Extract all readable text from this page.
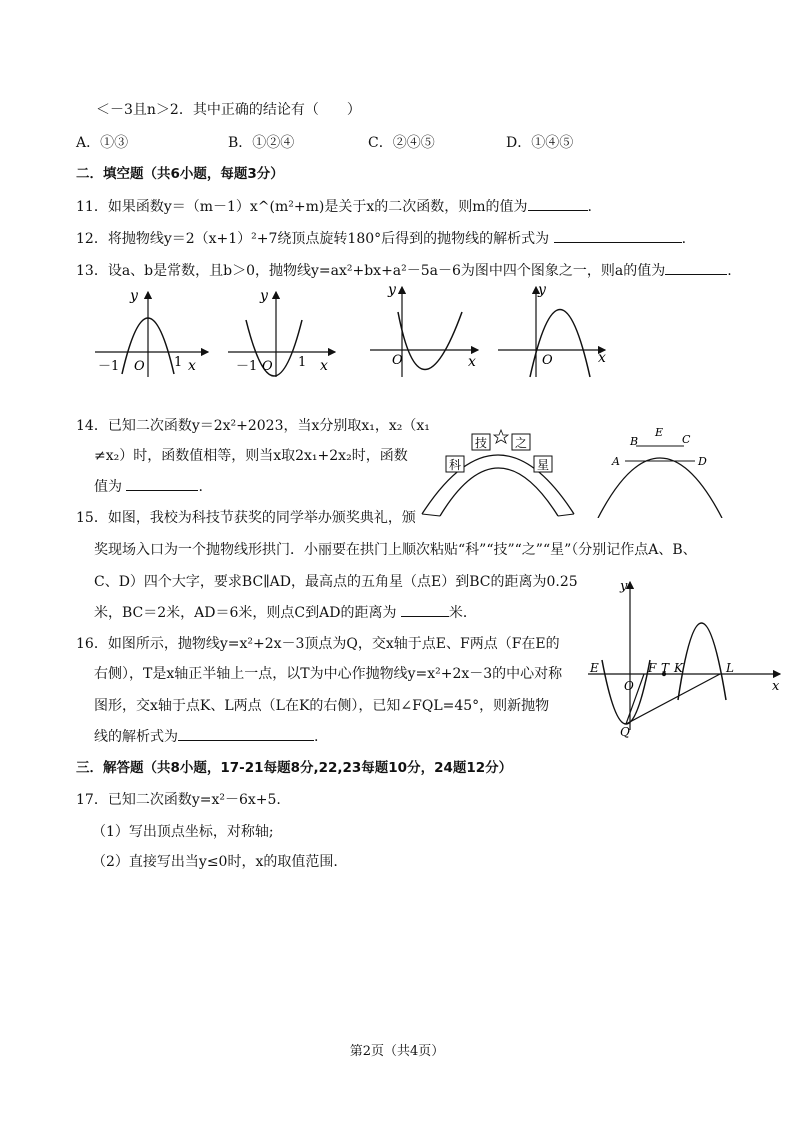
＜－3且n＞2．其中正确的结论有（　　）
A．①③	B．①②④	C．②④⑤	D．①④⑤
二．填空题（共6小题，每题3分）
11．如果函数y＝（m－1）x^(m²+m)是关于x的二次函数，则m的值为	.
12．将抛物线y＝2（x+1）²+7绕顶点旋转180°后得到的抛物线的解析式为	.
13．设a、b是常数，且b＞0，抛物线y=ax²+bx+a²－5a－6为图中四个图象之一，则a的值为	.
y
x
O
－1	1
y
x
O
－1	1
y
x
O
y
x
O
14．已知二次函数y＝2x²+2023，当x分别取x₁，x₂（x₁
≠x₂）时，函数值相等，则当x取2x₁+2x₂时，函数
值为	.
科
技 之
星	A
B
E
C
D
15．如图，我校为科技节获奖的同学举办颁奖典礼，颁
奖现场入口为一个抛物线形拱门．小丽要在拱门上顺次粘贴“科”“技”“之”“星”（分别记作点A、B、
C、D）四个大字，要求BC∥AD，最高点的五角星（点E）到BC的距离为0.25
米，BC＝2米，AD＝6米，则点C到AD的距离为	米．
y
x
O
E	F T K	L
Q
16．如图所示，抛物线y=x²+2x－3顶点为Q，交x轴于点E、F两点（F在E的
右侧），T是x轴正半轴上一点，以T为中心作抛物线y=x²+2x－3的中心对称
图形，交x轴于点K、L两点（L在K的右侧），已知∠FQL=45°，则新抛物
线的解析式为	.
三．解答题（共8小题，17-21每题8分,22,23每题10分，24题12分）
17．已知二次函数y=x²－6x+5.
（1）写出顶点坐标，对称轴;
（2）直接写出当y≤0时，x的取值范围.
第2页（共4页）
